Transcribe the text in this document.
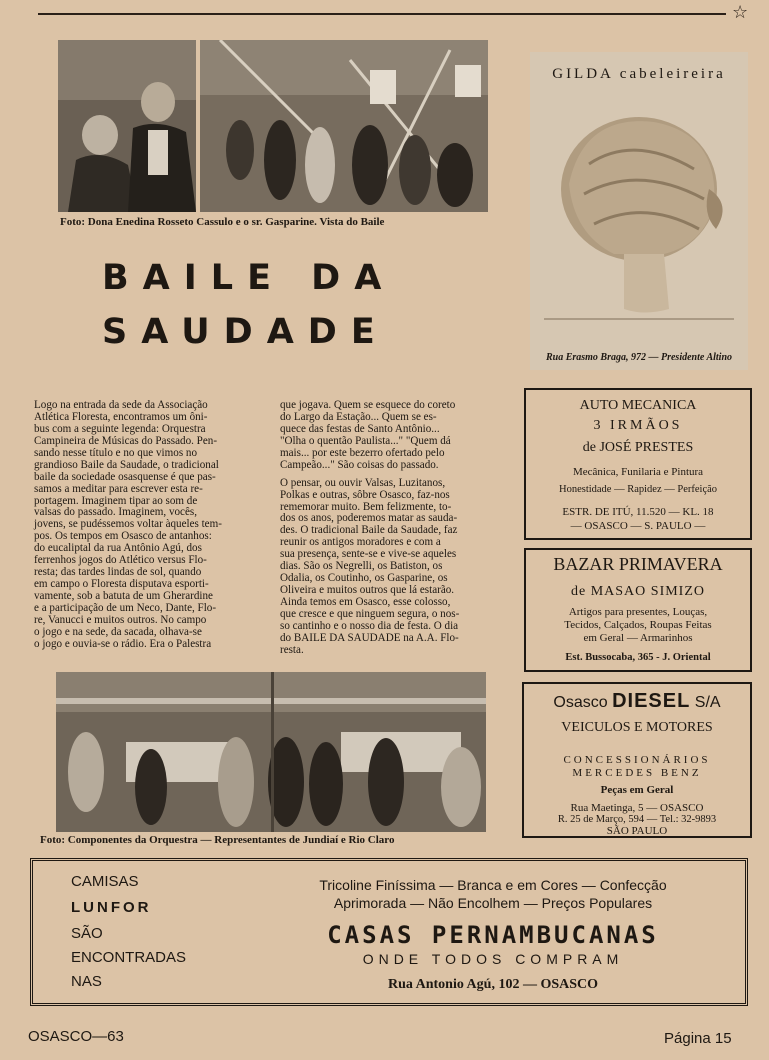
☆
Foto: Dona Enedina Rosseto Cassulo e o sr. Gasparine. Vista do Baile
BAILE DA
SAUDADE
Logo na entrada da sede da Associação
Atlética Floresta, encontramos um ôni-
bus com a seguinte legenda: Orquestra
Campineira de Músicas do Passado. Pen-
sando nesse título e no que vimos no
grandioso Baile da Saudade, o tradicional
baile da sociedade osasquense é que pas-
samos a meditar para escrever esta re-
portagem. Imaginem tipar ao som de
valsas do passado. Imaginem, vocês,
jovens, se pudéssemos voltar àqueles tem-
pos. Os tempos em Osasco de antanhos:
do eucaliptal da rua Antônio Agú, dos
ferrenhos jogos do Atlético versus Flo-
resta; das tardes lindas de sol, quando
em campo o Floresta disputava esporti-
vamente, sob a batuta de um Gherardine
e a participação de um Neco, Dante, Flo-
re, Vanucci e muitos outros. No campo
o jogo e na sede, da sacada, olhava-se
o jogo e ouvia-se o rádio. Era o Palestra
que jogava. Quem se esquece do coreto
do Largo da Estação... Quem se es-
quece das festas de Santo Antônio...
"Olha o quentão Paulista..." "Quem dá
mais... por este bezerro ofertado pelo
Campeão..." São coisas do passado.
O pensar, ou ouvir Valsas, Luzitanos,
Polkas e outras, sôbre Osasco, faz-nos
rememorar muito. Bem felizmente, to-
dos os anos, poderemos matar as sauda-
des. O tradicional Baile da Saudade, faz
reunir os antigos moradores e com a
sua presença, sente-se e vive-se aqueles
dias. São os Negrelli, os Batiston, os
Odalia, os Coutinho, os Gasparine, os
Oliveira e muitos outros que lá estarão.
Ainda temos em Osasco, esse colosso,
que cresce e que ninguem segura, o nos-
so cantinho e o nosso dia de festa. O dia
do BAILE DA SAUDADE na A.A. Flo-
resta.
Foto: Componentes da Orquestra — Representantes de Jundiaí e Rio Claro
GILDA cabeleireira
Rua Erasmo Braga, 972 — Presidente Altino
AUTO MECANICA
3 IRMÃOS
de JOSÉ PRESTES
Mecânica, Funilaria e Pintura
Honestidade — Rapidez — Perfeição
ESTR. DE ITÚ, 11.520 — KL. 18
— OSASCO — S. PAULO —
BAZAR PRIMAVERA
de MASAO SIMIZO
Artigos para presentes, Louças,
Tecidos, Calçados, Roupas Feitas
em Geral — Armarinhos
Est. Bussocaba, 365 - J. Oriental
Osasco DIESEL S/A
VEICULOS E MOTORES
CONCESSIONÁRIOS
MERCEDES BENZ
Peças em Geral
Rua Maetinga, 5 — OSASCO
R. 25 de Março, 594 — Tel.: 32-9893
SÃO PAULO
CAMISAS
LUNFOR
SÃO
ENCONTRADAS
NAS
Tricoline Finíssima — Branca e em Cores — Confecção
Aprimorada — Não Encolhem — Preços Populares
CASAS PERNAMBUCANAS
ONDE TODOS COMPRAM
Rua Antonio Agú, 102 — OSASCO
OSASCO—63	Página 15
